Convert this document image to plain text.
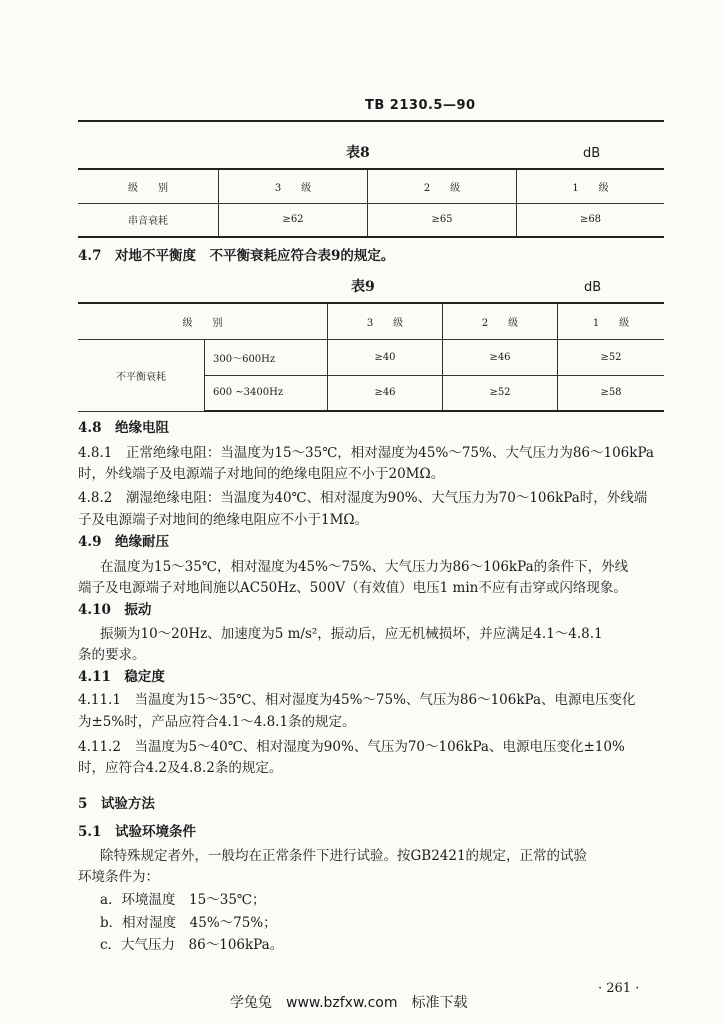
TB 2130.5—90
表8	dB
级　　别	3　　级	2　　级	1　　级
串音衰耗	≥62	≥65	≥68
4.7　对地不平衡度　不平衡衰耗应符合表9的规定。
表9	dB
级　　别		3　　级	2　　级	1　　级
不平衡衰耗	300～600Hz	≥40	≥46	≥52
	600 ~3400Hz	≥46	≥52	≥58
4.8　绝缘电阻
4.8.1　正常绝缘电阻：当温度为15～35℃，相对湿度为45%～75%、大气压力为86～106kPa
时，外线端子及电源端子对地间的绝缘电阻应不小于20MΩ。
4.8.2　潮湿绝缘电阻：当温度为40℃、相对湿度为90%、大气压力为70～106kPa时，外线端
子及电源端子对地间的绝缘电阻应不小于1MΩ。
4.9　绝缘耐压
在温度为15～35℃，相对湿度为45%～75%、大气压力为86～106kPa的条件下，外线
端子及电源端子对地间施以AC50Hz、500V（有效值）电压1 min不应有击穿或闪络现象。
4.10　振动
振频为10～20Hz、加速度为5 m/s²，振动后，应无机械损坏，并应满足4.1～4.8.1
条的要求。
4.11　稳定度
4.11.1　当温度为15～35℃、相对湿度为45%～75%、气压为86～106kPa、电源电压变化
为±5%时，产品应符合4.1～4.8.1条的规定。
4.11.2　当温度为5～40℃、相对湿度为90%、气压为70～106kPa、电源电压变化±10%
时，应符合4.2及4.8.2条的规定。
5　试验方法
5.1　试验环境条件
除特殊规定者外，一般均在正常条件下进行试验。按GB2421的规定，正常的试验
环境条件为：
a．环境温度　15～35℃；
b．相对湿度　45%～75%；
c．大气压力　86～106kPa。
· 261 ·
学兔兔　www.bzfxw.com　标准下载
